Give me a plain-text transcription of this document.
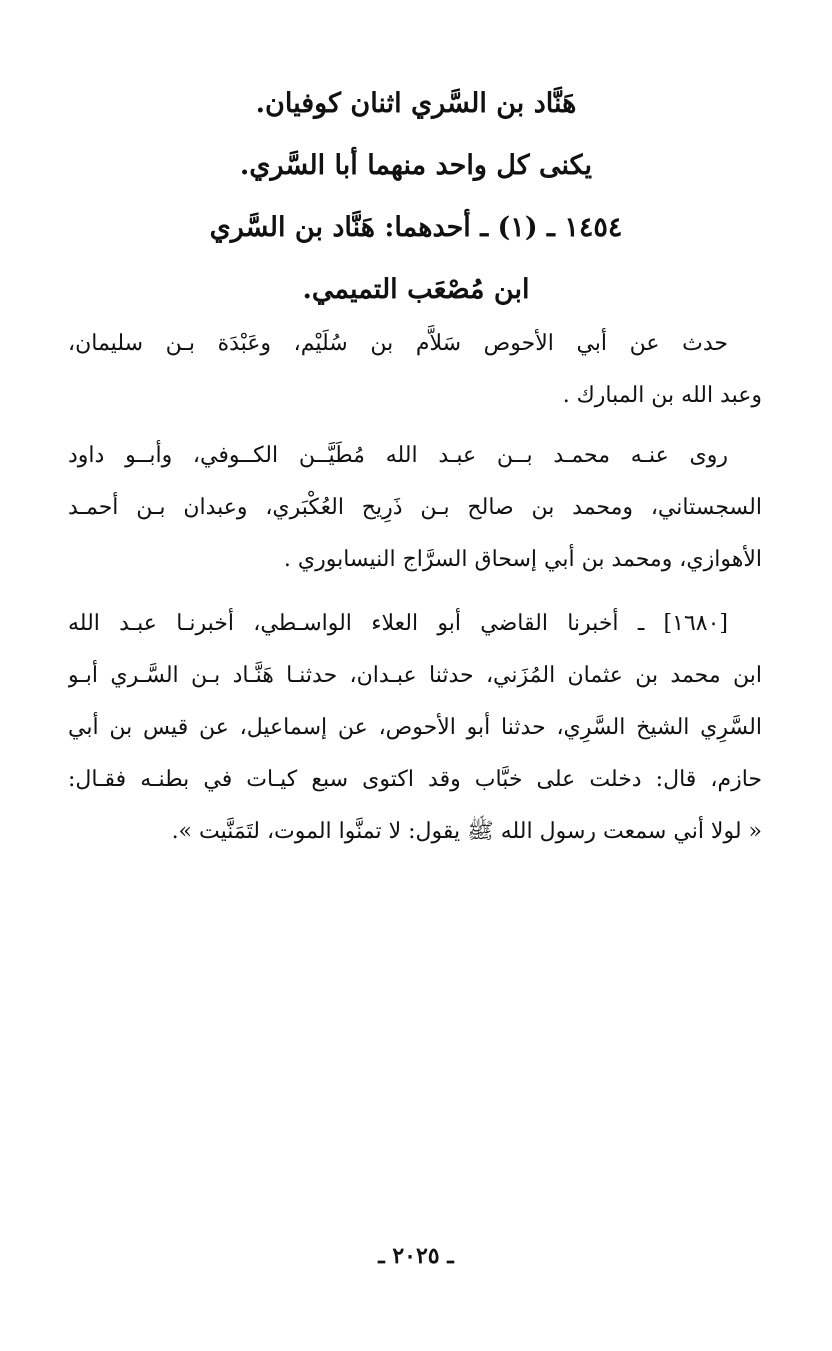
هَنَّاد بن السَّري اثنان كوفيان.
يكنى كل واحد منهما أبا السَّري.
١٤٥٤ ـ (١) ـ أحدهما: هَنَّاد بن السَّري
ابن مُصْعَب التميمي.
حدث عن أبي الأحوص سَلاَّم بن سُلَيْم، وعَبْدَة بـن سليمان،
وعبد الله بن المبارك .
روى عنـه محمـد بــن عبـد الله مُطَيَّــن الكــوفي، وأبــو داود
السجستاني، ومحمد بن صالح بـن ذَرِيح العُكْبَري، وعبدان بـن أحمـد
الأهوازي، ومحمد بن أبي إسحاق السرَّاج النيسابوري .
[١٦٨٠] ـ أخبرنا القاضي أبو العلاء الواسـطي، أخبرنـا عبـد الله
ابن محمد بن عثمان المُزَني، حدثنا عبـدان، حدثنـا هَنَّـاد بـن السَّـري أبـو
السَّرِي الشيخ السَّرِي، حدثنا أبو الأحوص، عن إسماعيل، عن قيس بن أبي
حازم، قال: دخلت على خبَّاب وقد اكتوى سبع كيـات في بطنـه فقـال:
« لولا أني سمعت رسول الله ﷺ يقول: لا تمنَّوا الموت، لتَمَنَّيت ».
ـ ٢٠٢٥ ـ
